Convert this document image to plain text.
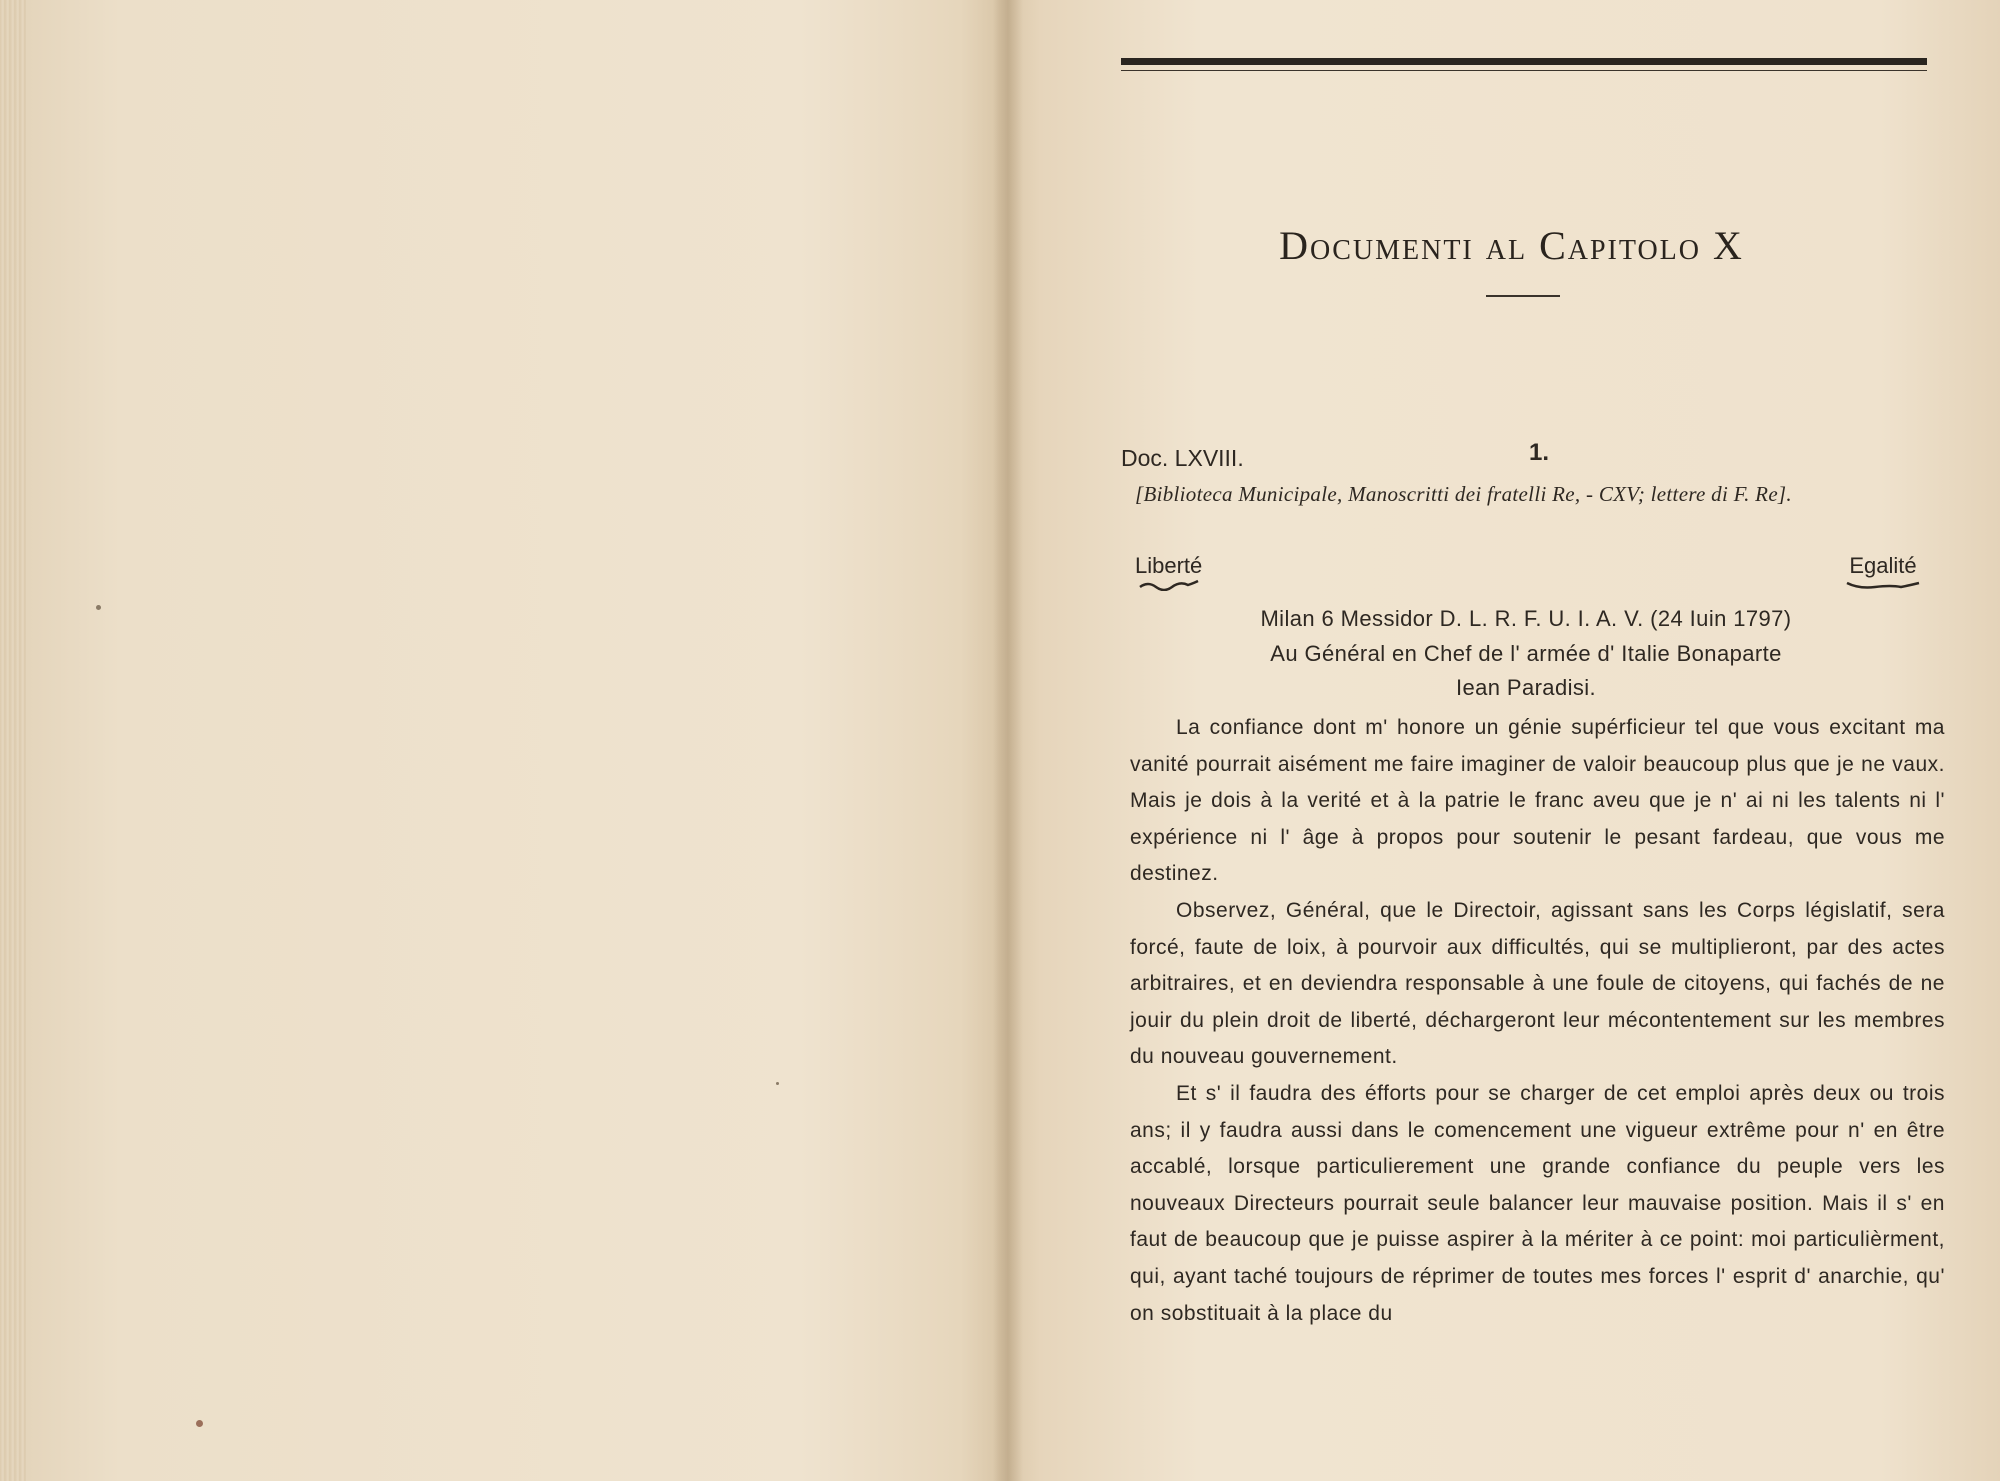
Documenti al Capitolo X
Doc. LXVIII.	1.
[Biblioteca Municipale, Manoscritti dei fratelli Re, - CXV; lettere di F. Re].
Liberté	Egalité
Milan 6 Messidor D. L. R. F. U. I. A. V. (24 Iuin 1797)
Au Général en Chef de l' armée d' Italie Bonaparte
Iean Paradisi.

La confiance dont m' honore un génie supérficieur tel que vous excitant ma vanité pourrait aisément me faire imaginer de valoir beaucoup plus que je ne vaux. Mais je dois à la verité et à la patrie le franc aveu que je n' ai ni les talents ni l' expérience ni l' âge à propos pour soutenir le pesant fardeau, que vous me destinez.

Observez, Général, que le Directoir, agissant sans les Corps législatif, sera forcé, faute de loix, à pourvoir aux difficultés, qui se multiplieront, par des actes arbitraires, et en deviendra responsable à une foule de citoyens, qui fachés de ne jouir du plein droit de liberté, déchargeront leur mécontentement sur les membres du nouveau gouvernement.

Et s' il faudra des éfforts pour se charger de cet emploi après deux ou trois ans; il y faudra aussi dans le comencement une vigueur extrême pour n' en être accablé, lorsque particulierement une grande confiance du peuple vers les nouveaux Directeurs pourrait seule balancer leur mauvaise position. Mais il s' en faut de beaucoup que je puisse aspirer à la mériter à ce point: moi particulièrment, qui, ayant taché toujours de réprimer de toutes mes forces l' esprit d' anarchie, qu' on sobstituait à la place du
